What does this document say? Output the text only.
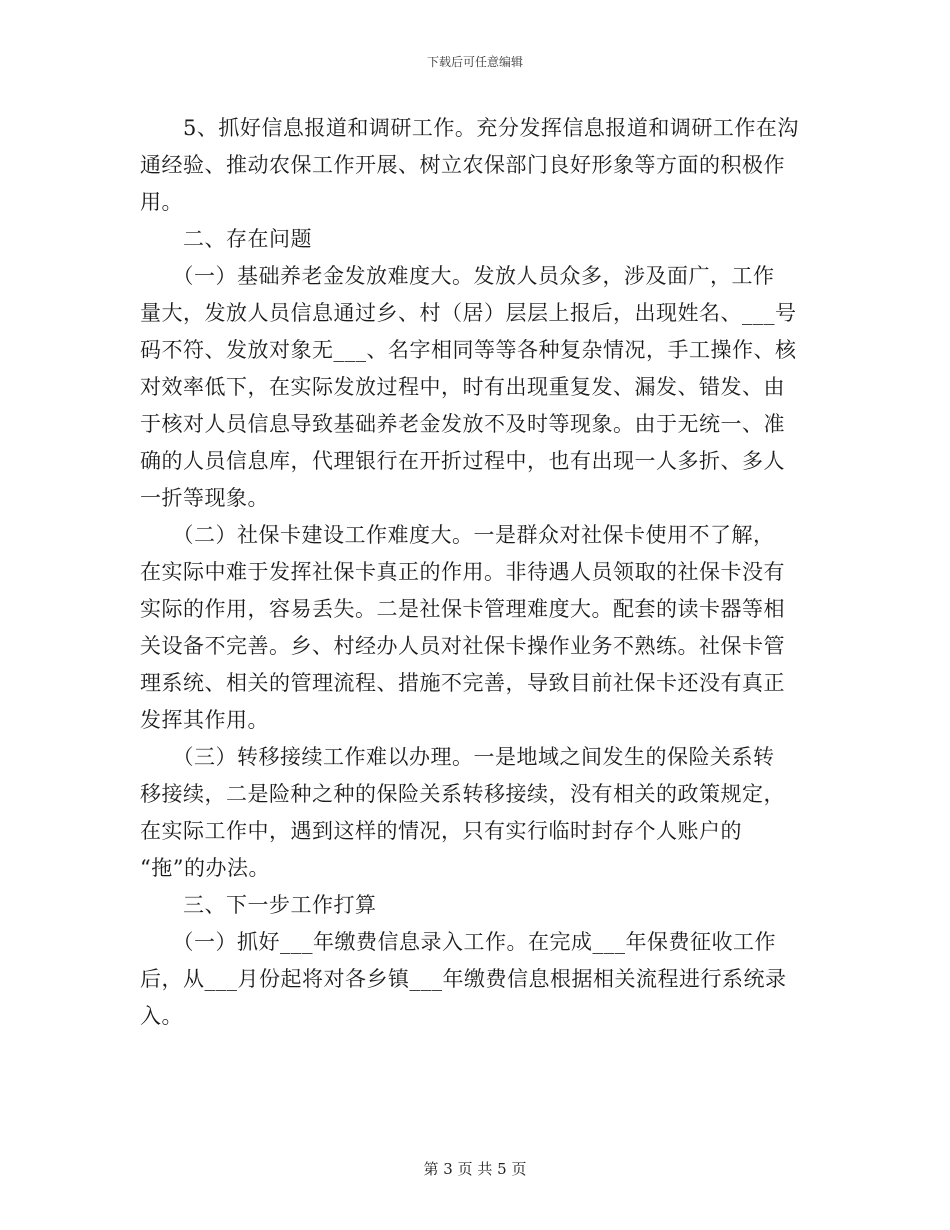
下载后可任意编辑
　　5、抓好信息报道和调研工作。充分发挥信息报道和调研工作在沟
通经验、推动农保工作开展、树立农保部门良好形象等方面的积极作
用。
　　二、存在问题
　　（一）基础养老金发放难度大。发放人员众多，涉及面广，工作
量大，发放人员信息通过乡、村（居）层层上报后，出现姓名、___号
码不符、发放对象无___、名字相同等等各种复杂情况，手工操作、核
对效率低下，在实际发放过程中，时有出现重复发、漏发、错发、由
于核对人员信息导致基础养老金发放不及时等现象。由于无统一、准
确的人员信息库，代理银行在开折过程中，也有出现一人多折、多人
一折等现象。
　　（二）社保卡建设工作难度大。一是群众对社保卡使用不了解，
在实际中难于发挥社保卡真正的作用。非待遇人员领取的社保卡没有
实际的作用，容易丢失。二是社保卡管理难度大。配套的读卡器等相
关设备不完善。乡、村经办人员对社保卡操作业务不熟练。社保卡管
理系统、相关的管理流程、措施不完善，导致目前社保卡还没有真正
发挥其作用。
　　（三）转移接续工作难以办理。一是地域之间发生的保险关系转
移接续，二是险种之种的保险关系转移接续，没有相关的政策规定，
在实际工作中，遇到这样的情况，只有实行临时封存个人账户的
“拖”的办法。
　　三、下一步工作打算
　　（一）抓好___年缴费信息录入工作。在完成___年保费征收工作
后，从___月份起将对各乡镇___年缴费信息根据相关流程进行系统录
入。
第 3 页 共 5 页
